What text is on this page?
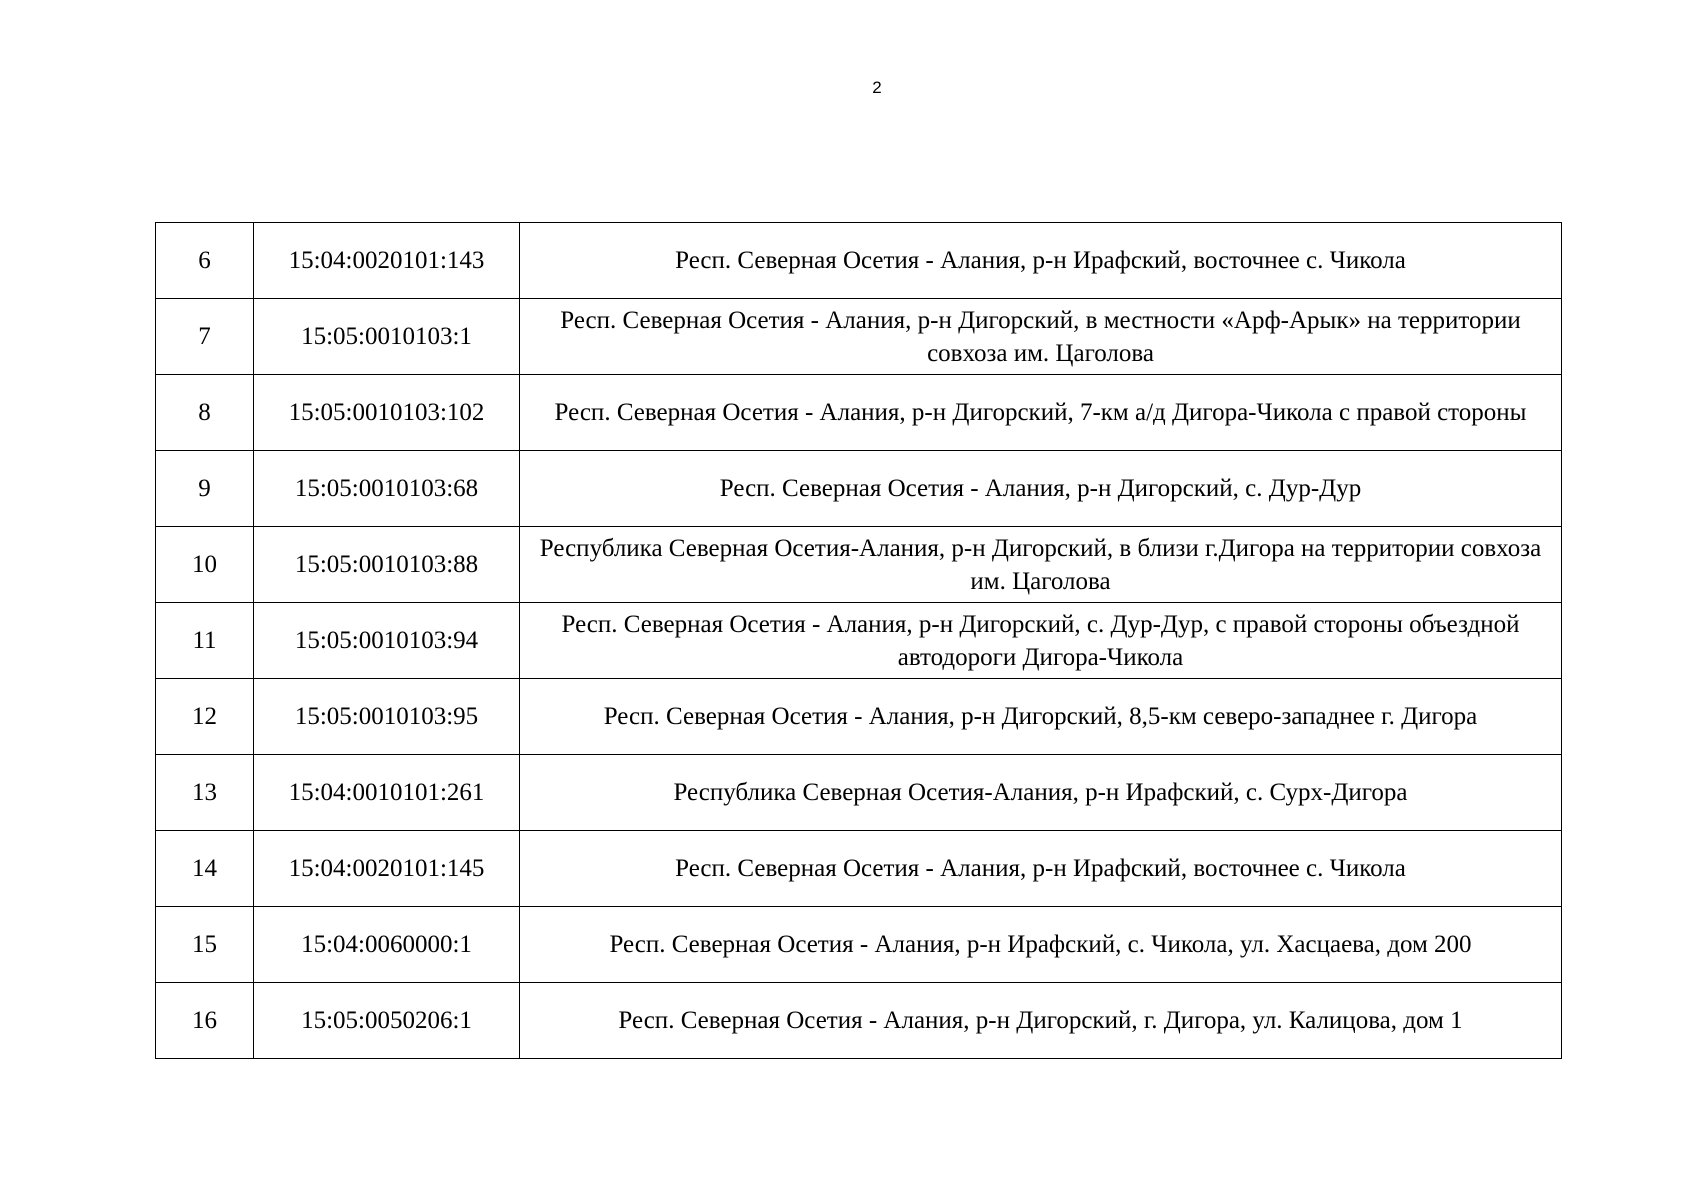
2
6	15:04:0020101:143	Респ. Северная Осетия - Алания, р-н Ирафский, восточнее с. Чикола
7	15:05:0010103:1	Респ. Северная Осетия - Алания, р-н Дигорский, в местности «Арф-Арык» на территории совхоза им. Цаголова
8	15:05:0010103:102	Респ. Северная Осетия - Алания, р-н Дигорский, 7-км а/д Дигора-Чикола с правой стороны
9	15:05:0010103:68	Респ. Северная Осетия - Алания, р-н Дигорский, с. Дур-Дур
10	15:05:0010103:88	Республика Северная Осетия-Алания, р-н Дигорский, в близи г.Дигора на территории совхоза им. Цаголова
11	15:05:0010103:94	Респ. Северная Осетия - Алания, р-н Дигорский, с. Дур-Дур, с правой стороны объездной автодороги Дигора-Чикола
12	15:05:0010103:95	Респ. Северная Осетия - Алания, р-н Дигорский, 8,5-км северо-западнее г. Дигора
13	15:04:0010101:261	Республика Северная Осетия-Алания, р-н Ирафский, с. Сурх-Дигора
14	15:04:0020101:145	Респ. Северная Осетия - Алания, р-н Ирафский, восточнее с. Чикола
15	15:04:0060000:1	Респ. Северная Осетия - Алания, р-н Ирафский, с. Чикола, ул. Хасцаева, дом 200
16	15:05:0050206:1	Респ. Северная Осетия - Алания, р-н Дигорский, г. Дигора, ул. Калицова, дом 1
